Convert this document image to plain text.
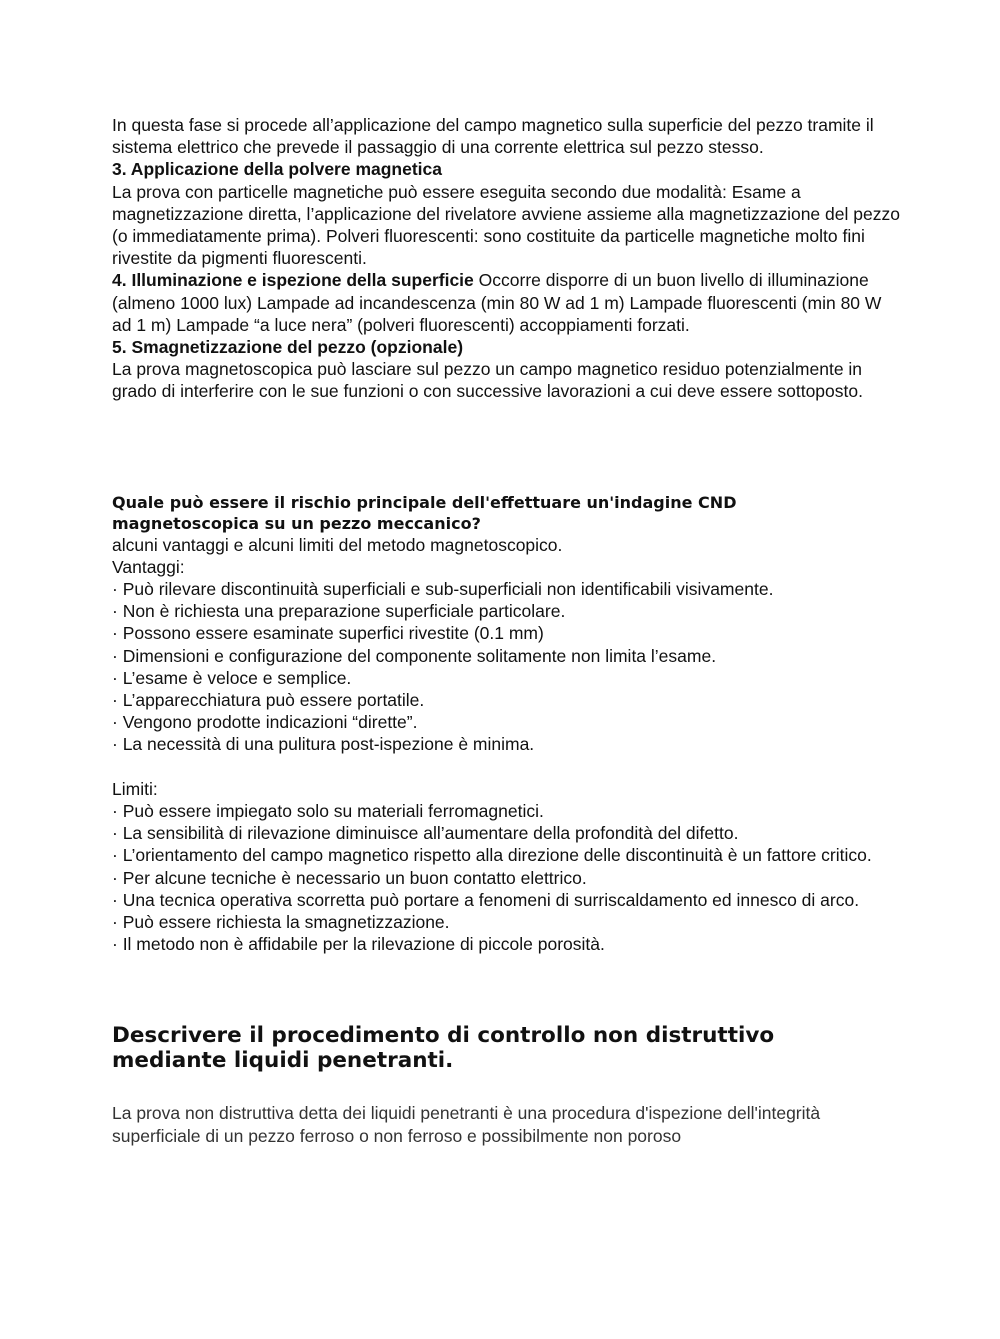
In questa fase si procede all’applicazione del campo magnetico sulla superficie del pezzo tramite il sistema elettrico che prevede il passaggio di una corrente elettrica sul pezzo stesso.

3. Applicazione della polvere magnetica

La prova con particelle magnetiche può essere eseguita secondo due modalità: Esame a magnetizzazione diretta, l’applicazione del rivelatore avviene assieme alla magnetizzazione del pezzo (o immediatamente prima). Polveri fluorescenti: sono costituite da particelle magnetiche molto fini rivestite da pigmenti fluorescenti.

4. Illuminazione e ispezione della superficie Occorre disporre di un buon livello di illuminazione (almeno 1000 lux) Lampade ad incandescenza (min 80 W ad 1 m) Lampade fluorescenti (min 80 W ad 1 m) Lampade “a luce nera” (polveri fluorescenti) accoppiamenti forzati.

5. Smagnetizzazione del pezzo (opzionale)

La prova magnetoscopica può lasciare sul pezzo un campo magnetico residuo potenzialmente in grado di interferire con le sue funzioni o con successive lavorazioni a cui deve essere sottoposto.

Quale può essere il rischio principale dell'effettuare un'indagine CND magnetoscopica su un pezzo meccanico?

alcuni vantaggi e alcuni limiti del metodo magnetoscopico.

Vantaggi:

· Può rilevare discontinuità superficiali e sub-superficiali non identificabili visivamente.

· Non è richiesta una preparazione superficiale particolare.

· Possono essere esaminate superfici rivestite (0.1 mm)

· Dimensioni e configurazione del componente solitamente non limita l’esame.

· L’esame è veloce e semplice.

· L’apparecchiatura può essere portatile.

· Vengono prodotte indicazioni “dirette”.

· La necessità di una pulitura post-ispezione è minima.

Limiti:

· Può essere impiegato solo su materiali ferromagnetici.

· La sensibilità di rilevazione diminuisce all’aumentare della profondità del difetto.

· L’orientamento del campo magnetico rispetto alla direzione delle discontinuità è un fattore critico.

· Per alcune tecniche è necessario un buon contatto elettrico.

· Una tecnica operativa scorretta può portare a fenomeni di surriscaldamento ed innesco di arco.

· Può essere richiesta la smagnetizzazione.

· Il metodo non è affidabile per la rilevazione di piccole porosità.

Descrivere il procedimento di controllo non distruttivo mediante liquidi penetranti.

La prova non distruttiva detta dei liquidi penetranti è una procedura d'ispezione dell'integrità superficiale di un pezzo ferroso o non ferroso e possibilmente non poroso
